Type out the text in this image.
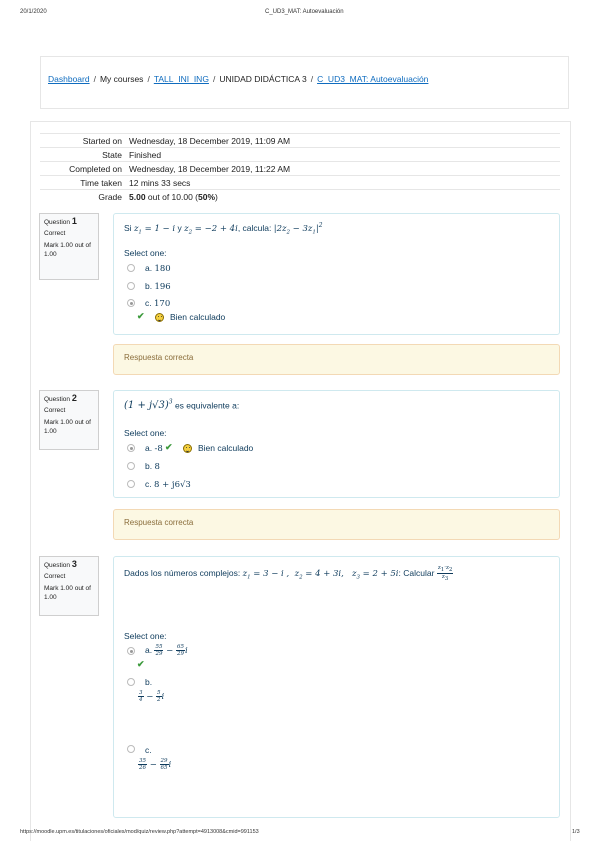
20/1/2020	C_UD3_MAT: Autoevaluación
Dashboard / My courses / TALL_INI_ING / UNIDAD DIDÁCTICA 3 / C_UD3_MAT: Autoevaluación
Started on Wednesday, 18 December 2019, 11:09 AM
State Finished
Completed on Wednesday, 18 December 2019, 11:22 AM
Time taken 12 mins 33 secs
Grade 5.00 out of 10.00 (50%)
Question 1
Correct
Mark 1.00 out of 1.00
Si $z_1 = 1 - i$ y $z_2 = -2 + 4i$, calcula: $|2z_2 - 3z_1|^2$
Select one:
a. 180
b. 196
c. 170
✔	Bien calculado
Respuesta correcta
Question 2
Correct
Mark 1.00 out of 1.00
$(1 + j√3)^3$ es equivalente a:
Select one:
a. -8 ✔	Bien calculado
b. 8
c. 8 + j6√3
Respuesta correcta
Question 3
Correct
Mark 1.00 out of 1.00
Dados los números complejos: $z_1 = 3 - i$ ,  $z_2 = 4 + 3i$,   $z_3 = 2 + 5i$: Calcular $\frac{z_1\cdot z_2}{z_3}$
Select one:
a. $\frac{55}{29} - \frac{65}{29}$ i
✔
b.
$\frac{3}{4} - \frac{5}{2}$ i
c.
$\frac{35}{26} - \frac{29}{65}$ i
https://moodle.upm.es/titulaciones/oficiales/mod/quiz/review.php?attempt=4913008&cmid=991153	1/3
